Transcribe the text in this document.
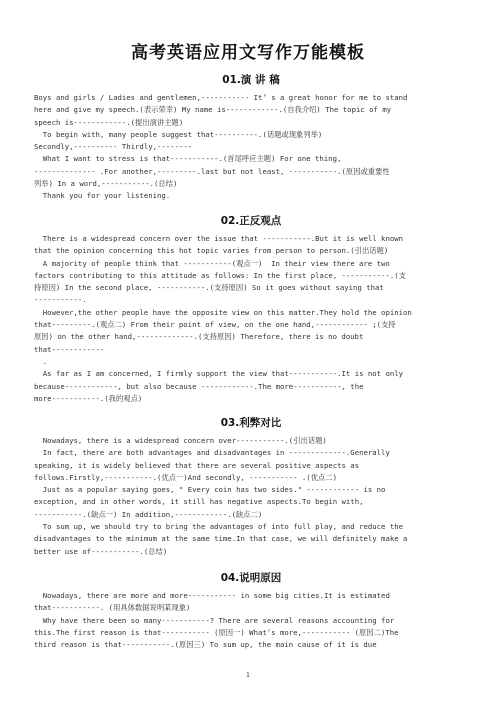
高考英语应用文写作万能模板
01.演 讲 稿
Boys and girls / Ladies and gentlemen,----------- It’ s a great honor for me to stand
here and give my speech.(表示荣幸) My name is------------.(自我介绍) The topic of my
speech is------------.(提出演讲主题)
To begin with, many people suggest that----------.(话题或现象列举)
Secondly,---------- Thirdly,--------
What I want to stress is that-----------.(首尾呼应主题) For one thing,
-------------- .For another,---------.last but not least, -----------.(原因或重要性
列举) In a word,-----------.(总结)
Thank you for your listening.
02.正反观点
There is a widespread concern over the issue that -----------.But it is well known
that the opinion concerning this hot topic varies from person to person.(引出话题)
A majority of people think that -----------(观点一)  In their view there are two
factors contributing to this attitude as follows: In the first place, -----------.(支
持原因) In the second place, -----------.(支持原因) So it goes without saying that
-----------.
However,the other people have the opposite view on this matter.They hold the opinion
that---------.(观点二) From their point of view, on the one hand,------------ ;(支持
原因) on the other hand,-------------.(支持原因) Therefore, there is no doubt
that------------
.
As far as I am concerned, I firmly support the view that-----------.It is not only
because------------, but also because ------------.The more-----------, the
more-----------.(我的观点)
03.利弊对比
Nowadays, there is a widespread concern over-----------.(引出话题)
In fact, there are both advantages and disadvantages in -------------.Generally
speaking, it is widely believed that there are several positive aspects as
follows.Firstly,-----------.(优点一)And secondly, ----------- .(优点二)
Just as a popular saying goes, " Every coin has two sides." ------------ is no
exception, and in other words, it still has negative aspects.To begin with,
-----------.(缺点一) In addition,------------.(缺点二)
To sum up, we should try to bring the advantages of into full play, and reduce the
disadvantages to the minimum at the same time.In that case, we will definitely make a
better use of-----------.(总结)
04.说明原因
Nowadays, there are more and more----------- in some big cities.It is estimated
that-----------. (用具体数据说明某现象)
Why have there been so many-----------? There are several reasons accounting for
this.The first reason is that----------- (原因一) What’s more,----------- (原因二)The
third reason is that-----------.(原因三) To sum up, the main cause of it is due
1
